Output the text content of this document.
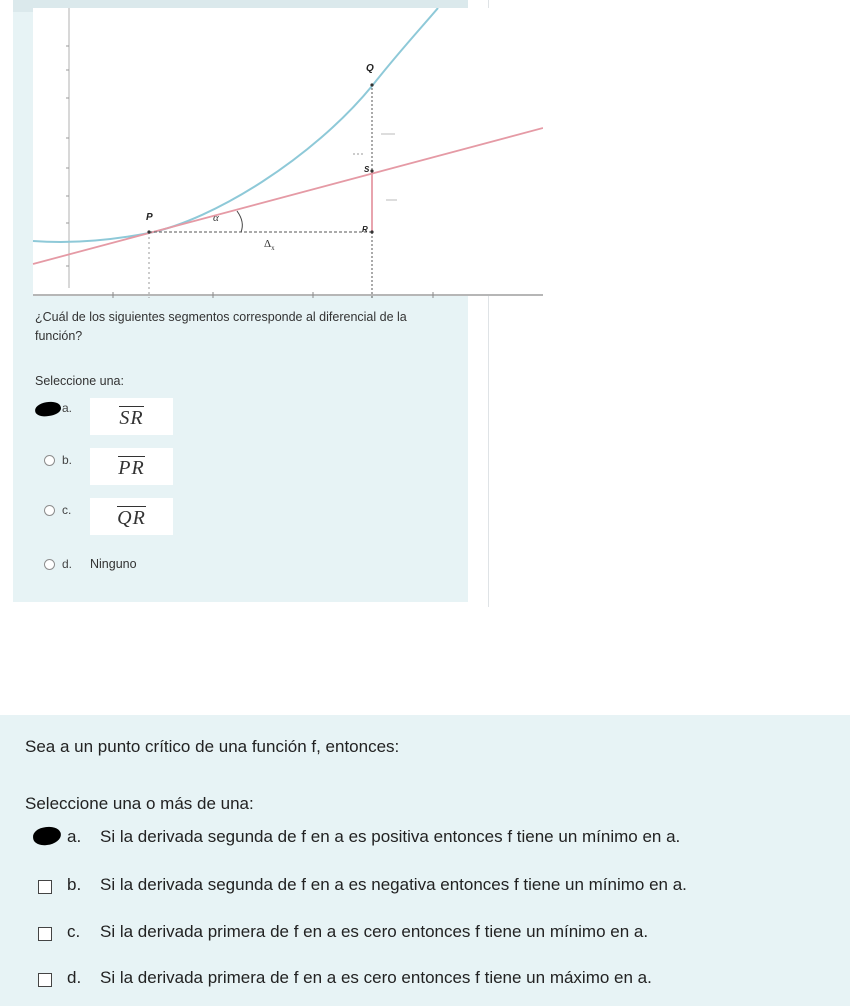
P
Q
S
R
α
$\Delta_x$
¿Cuál de los siguientes segmentos corresponde al diferencial de la función?
Seleccione una:
a. SR
b. PR
c. QR
d. Ninguno
Sea a un punto crítico de una función f, entonces:
Seleccione una o más de una:
a. Si la derivada segunda de f en a es positiva entonces f tiene un mínimo en a.
b. Si la derivada segunda de f en a es negativa entonces f tiene un mínimo en a.
c. Si la derivada primera de f en a es cero entonces f tiene un mínimo en a.
d. Si la derivada primera de f en a es cero entonces f tiene un máximo en a.
